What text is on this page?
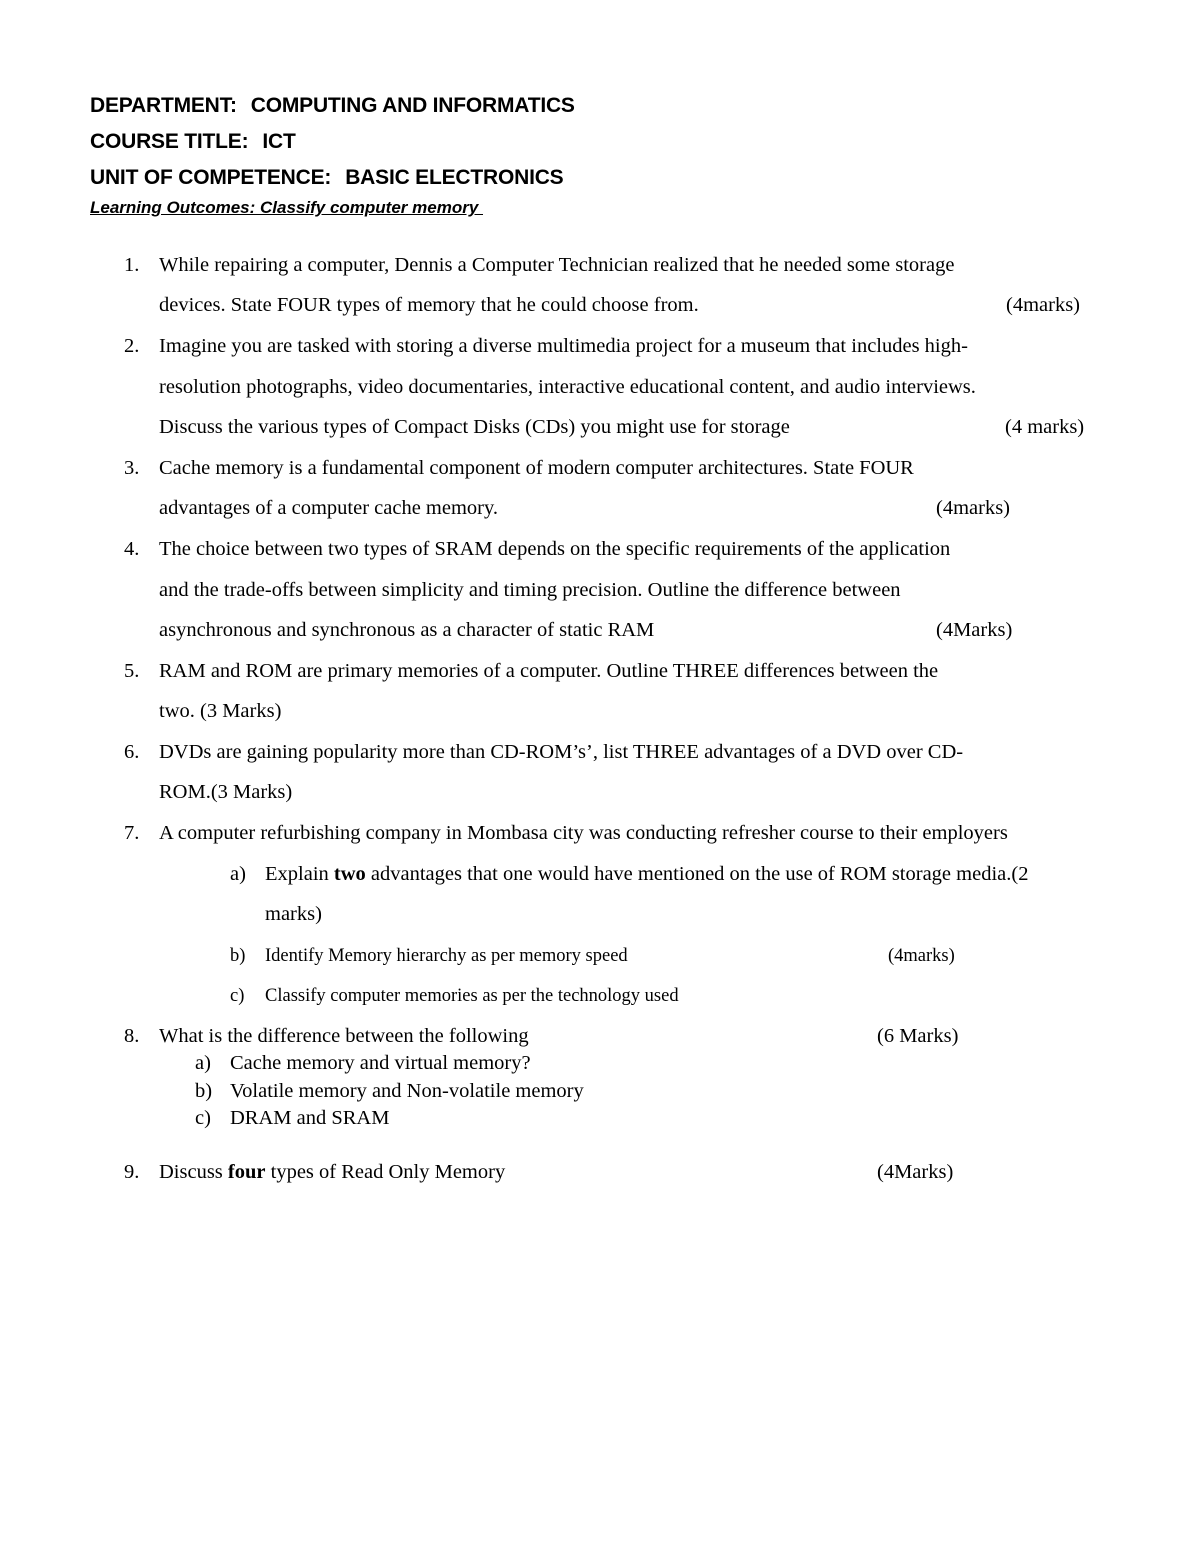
DEPARTMENT: COMPUTING AND INFORMATICS
COURSE TITLE: ICT
UNIT OF COMPETENCE: BASIC ELECTRONICS
Learning Outcomes: Classify computer memory
1. While repairing a computer, Dennis a Computer Technician realized that he needed some storage
devices. State FOUR types of memory that he could choose from.	(4marks)
2. Imagine you are tasked with storing a diverse multimedia project for a museum that includes high-
resolution photographs, video documentaries, interactive educational content, and audio interviews.
Discuss the various types of Compact Disks (CDs) you might use for storage	(4 marks)
3. Cache memory is a fundamental component of modern computer architectures. State FOUR
advantages of a computer cache memory.	(4marks)
4. The choice between two types of SRAM depends on the specific requirements of the application
and the trade-offs between simplicity and timing precision. Outline the difference between
asynchronous and synchronous as a character of static RAM	(4Marks)
5. RAM and ROM are primary memories of a computer. Outline THREE differences between the
two. (3 Marks)
6. DVDs are gaining popularity more than CD-ROM’s’, list THREE advantages of a DVD over CD-
ROM.(3 Marks)
7. A computer refurbishing company in Mombasa city was conducting refresher course to their employers
a) Explain two advantages that one would have mentioned on the use of ROM storage media.(2
marks)
b) Identify Memory hierarchy as per memory speed	(4marks)
c) Classify computer memories as per the technology used
8. What is the difference between the following	(6 Marks)
a) Cache memory and virtual memory?
b) Volatile memory and Non-volatile memory
c) DRAM and SRAM
9. Discuss four types of Read Only Memory	(4Marks)
